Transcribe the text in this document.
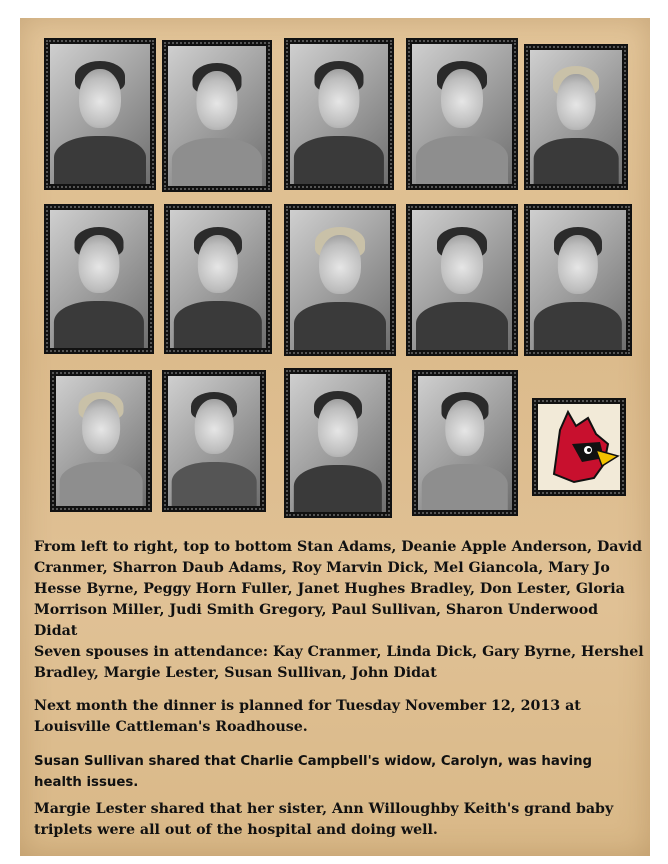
From left to right, top to bottom Stan Adams, Deanie Apple Anderson, David Cranmer, Sharron Daub Adams, Roy Marvin Dick, Mel Giancola, Mary Jo Hesse Byrne, Peggy Horn Fuller, Janet Hughes Bradley, Don Lester, Gloria Morrison Miller, Judi Smith Gregory, Paul Sullivan, Sharon Underwood Didat

Seven spouses in attendance: Kay Cranmer, Linda Dick, Gary Byrne, Hershel Bradley, Margie Lester, Susan Sullivan, John Didat

Next month the dinner is planned for Tuesday November 12, 2013 at Louisville Cattleman's Roadhouse.

Susan Sullivan shared that Charlie Campbell's widow, Carolyn, was having health issues.

Margie Lester shared that her sister, Ann Willoughby Keith's grand baby triplets were all out of the hospital and doing well.
